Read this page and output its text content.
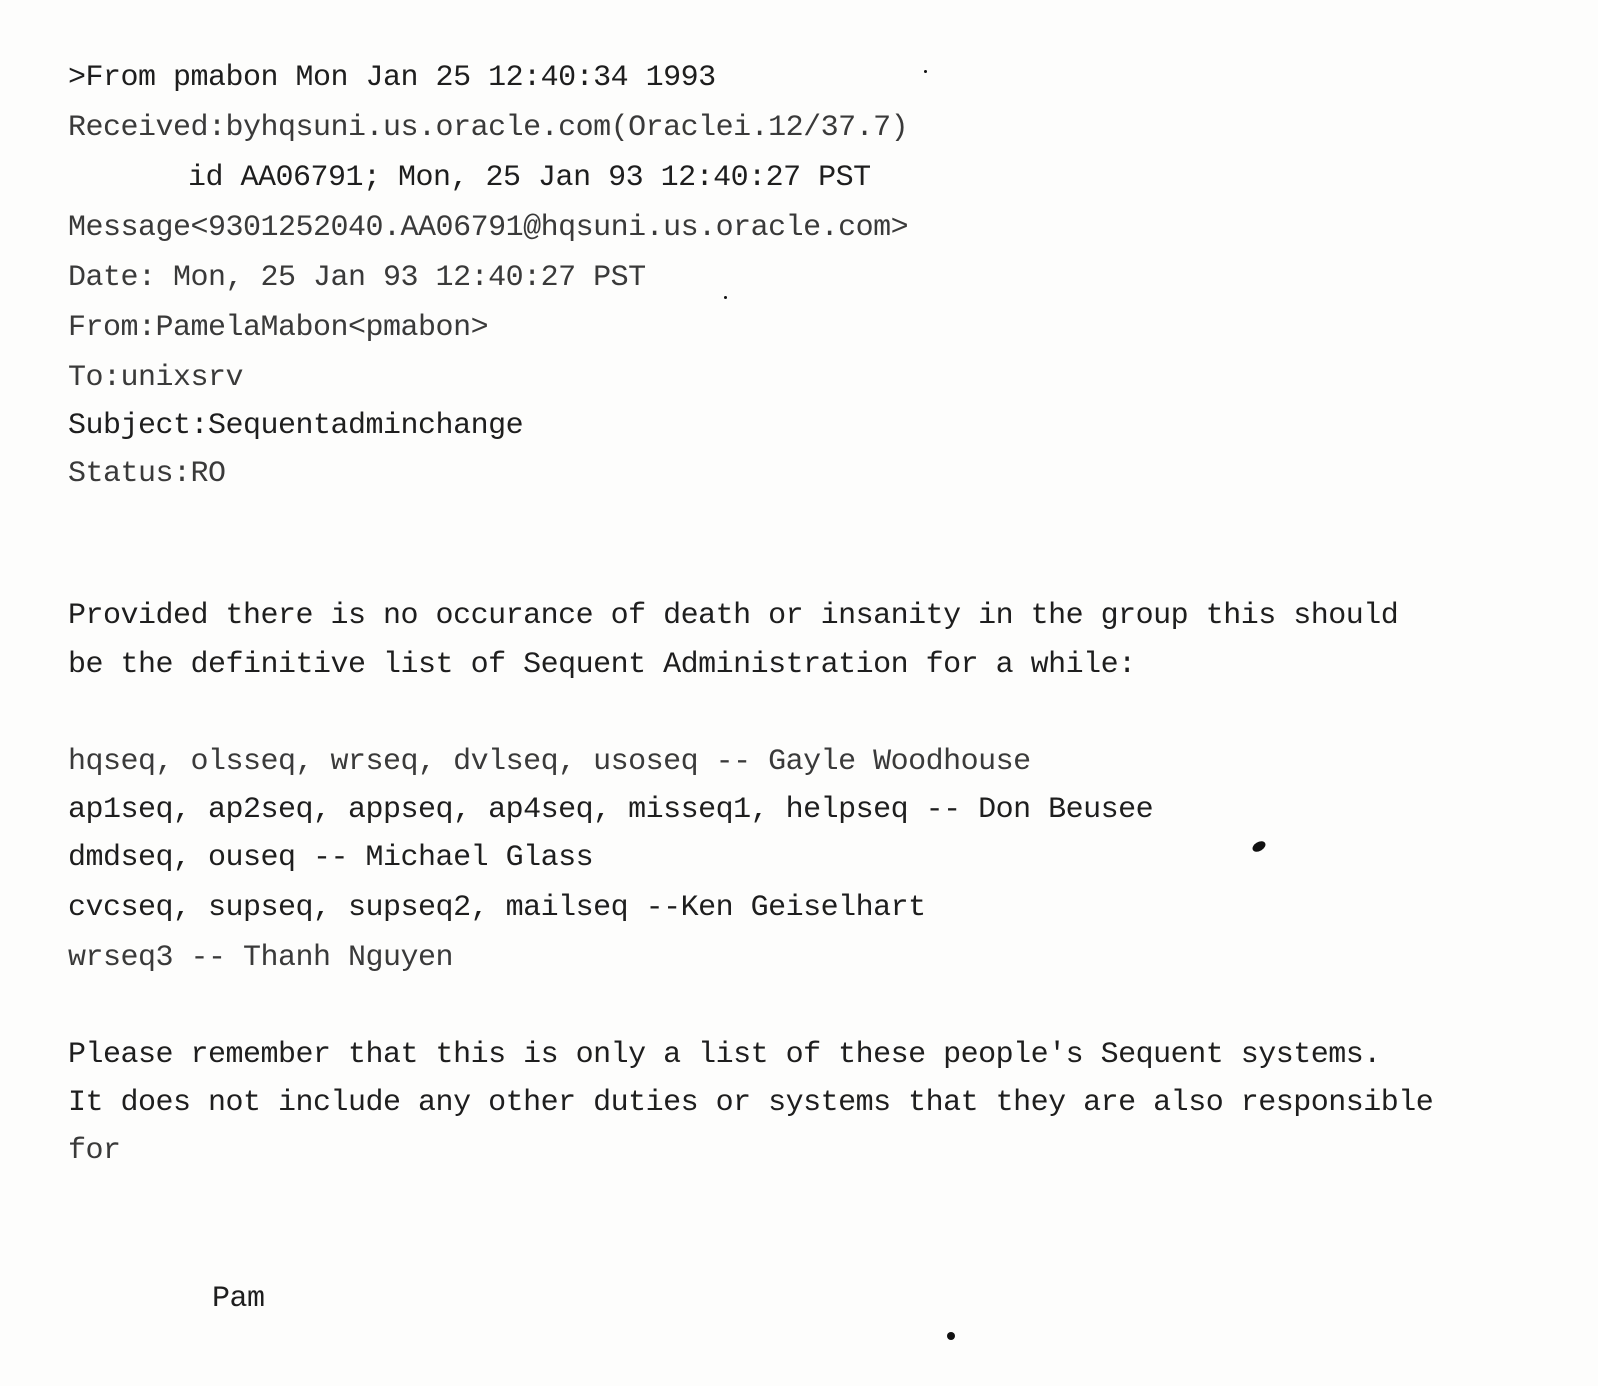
>From pmabon Mon Jan 25 12:40:34 1993
Received:byhqsuni.us.oracle.com(Oraclei.12/37.7)
id AA06791; Mon, 25 Jan 93 12:40:27 PST
Message<9301252040.AA06791@hqsuni.us.oracle.com>
Date: Mon, 25 Jan 93 12:40:27 PST
From:PamelaMabon<pmabon>
To:unixsrv
Subject:Sequentadminchange
Status:RO
Provided there is no occurance of death or insanity in the group this should
be the definitive list of Sequent Administration for a while:
hqseq, olsseq, wrseq, dvlseq, usoseq -- Gayle Woodhouse
ap1seq, ap2seq, appseq, ap4seq, misseq1, helpseq -- Don Beusee
dmdseq, ouseq -- Michael Glass
cvcseq, supseq, supseq2, mailseq --Ken Geiselhart
wrseq3 -- Thanh Nguyen
Please remember that this is only a list of these people's Sequent systems.
It does not include any other duties or systems that they are also responsible
for
Pam
